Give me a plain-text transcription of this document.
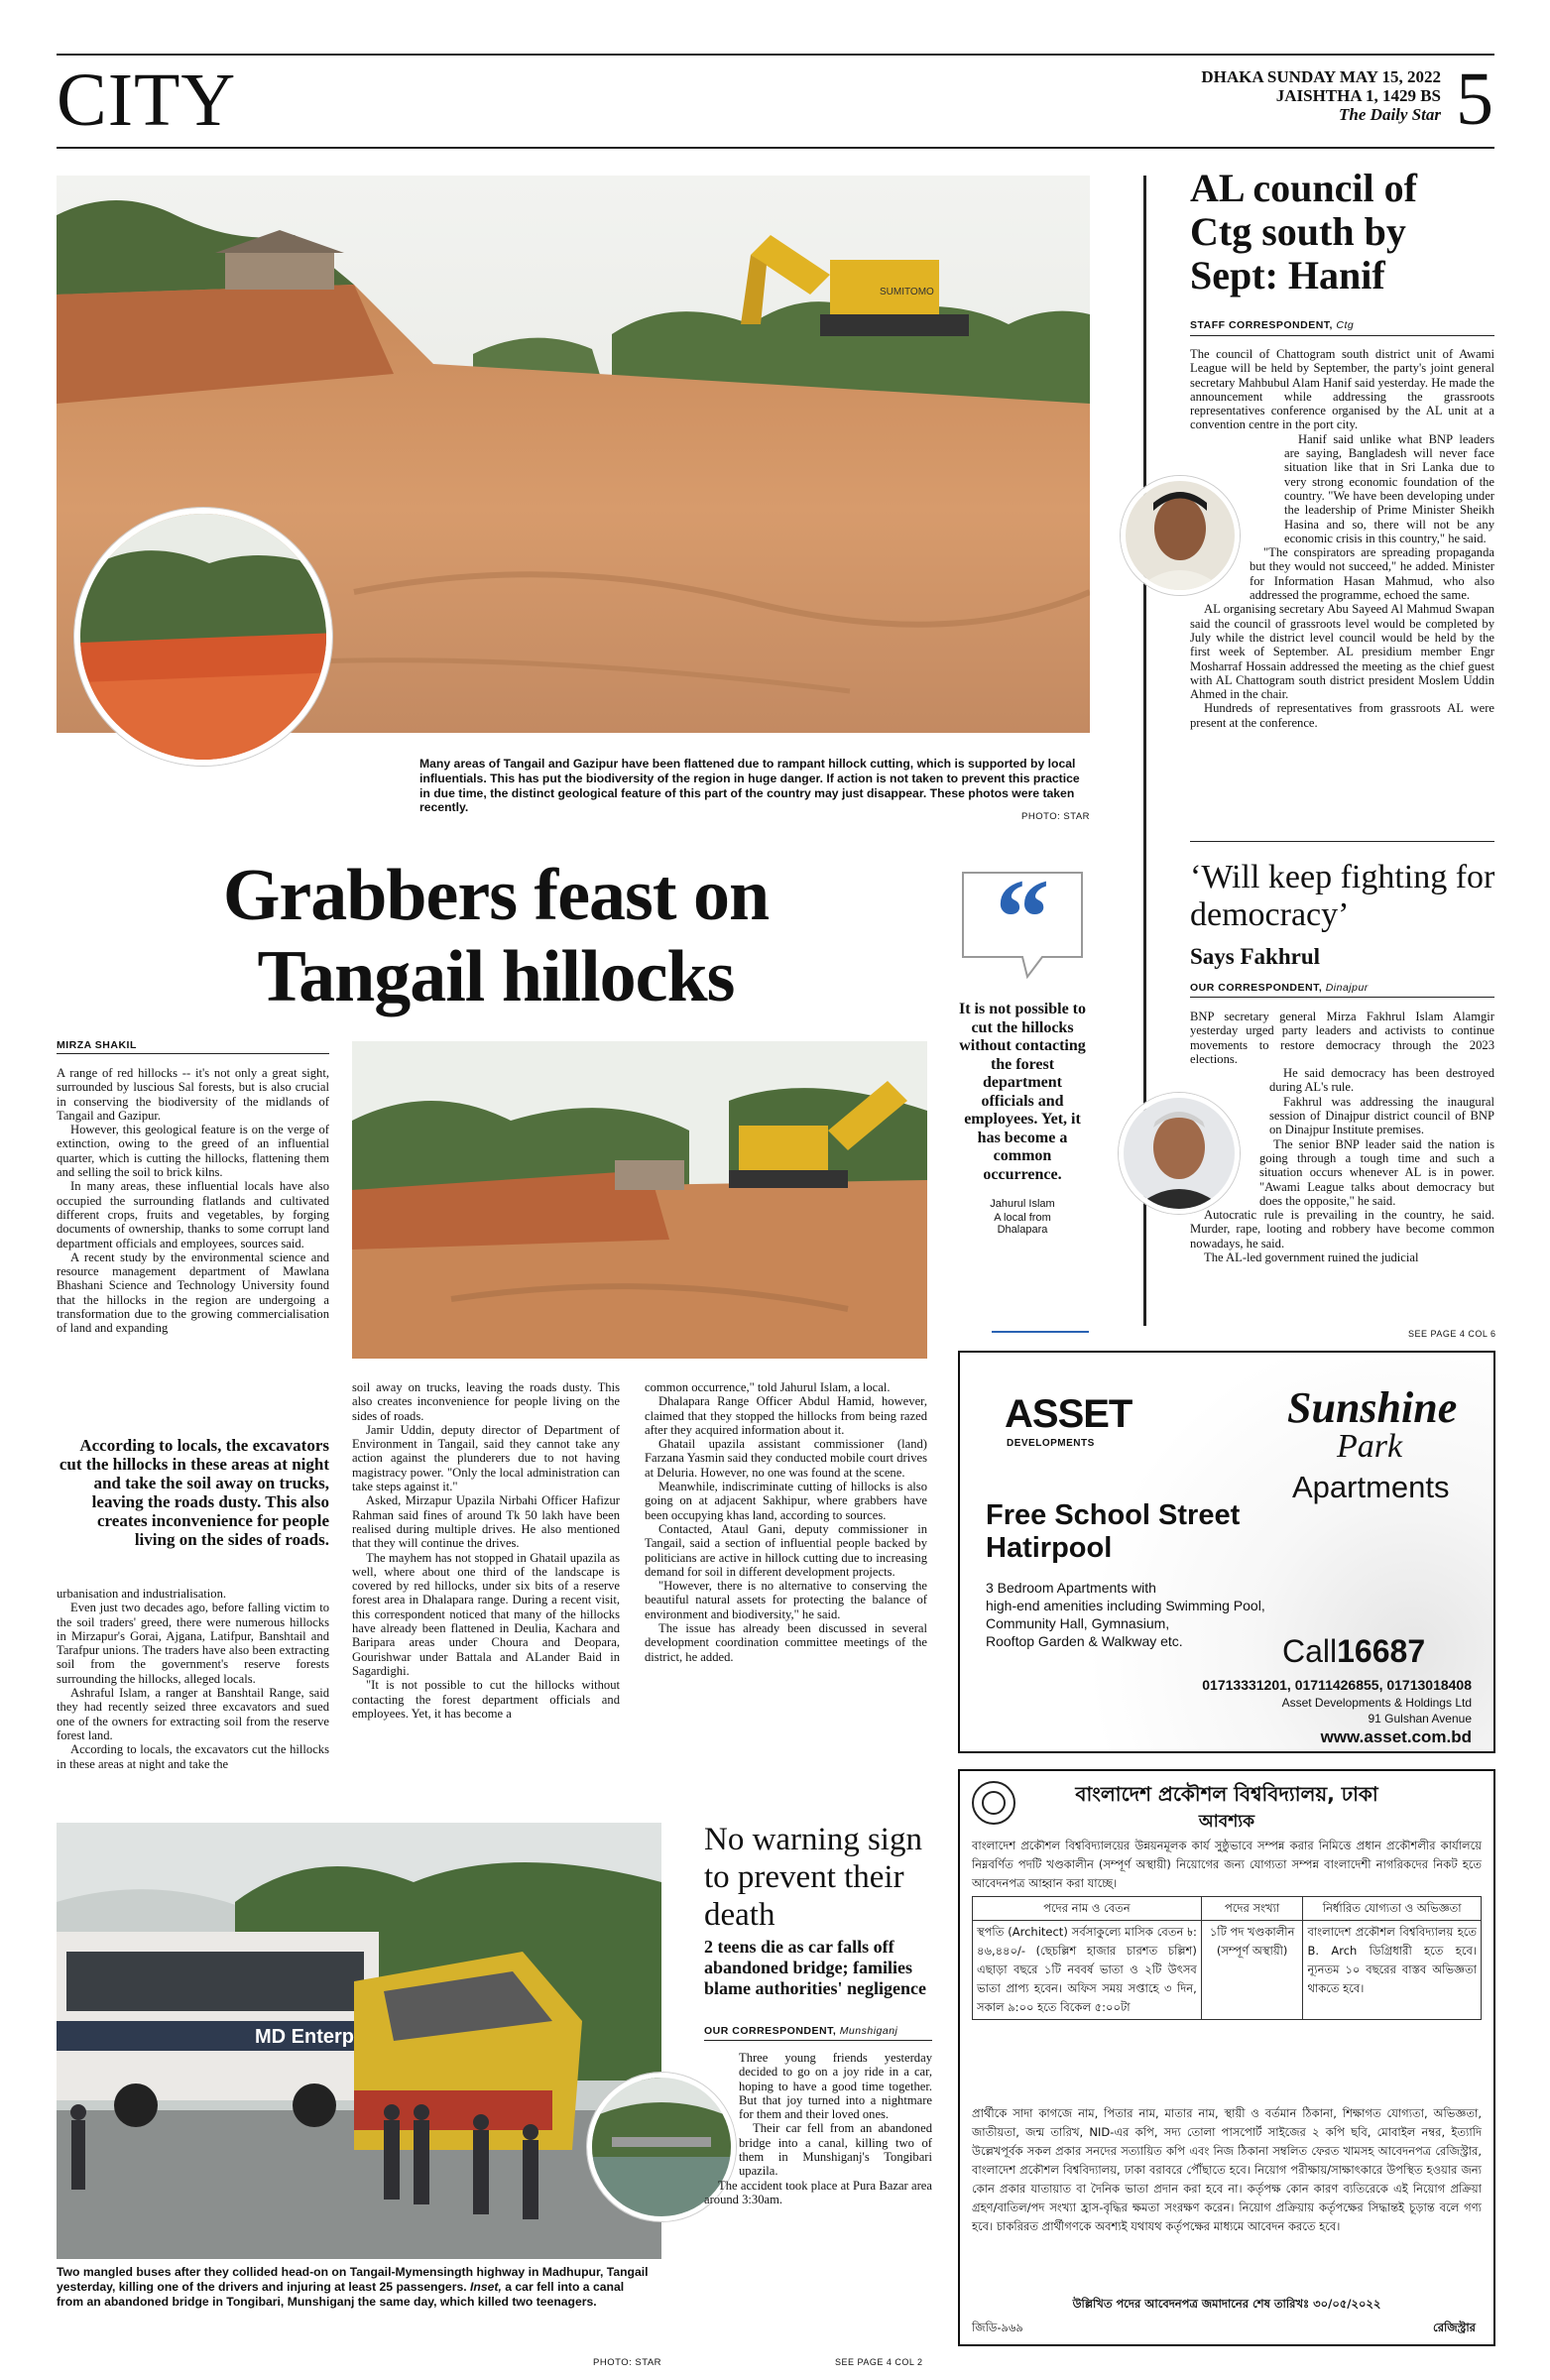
CITY	DHAKA SUNDAY MAY 15, 2022
JAISHTHA 1, 1429 BS
The Daily Star 5
SUMITOMO
Many areas of Tangail and Gazipur have been flattened due to rampant hillock cutting, which is supported by local influentials. This has put the biodiversity of the region in huge danger. If action is not taken to prevent this practice in due time, the distinct geological feature of this part of the country may just disappear. These photos were taken recently.
PHOTO: STAR
Grabbers feast on
Tangail hillocks
MIRZA SHAKIL

A range of red hillocks -- it's not only a great sight, surrounded by luscious Sal forests, but is also crucial in conserving the biodiversity of the midlands of Tangail and Gazipur.

However, this geological feature is on the verge of extinction, owing to the greed of an influential quarter, which is cutting the hillocks, flattening them and selling the soil to brick kilns.

In many areas, these influential locals have also occupied the surrounding flatlands and cultivated different crops, fruits and vegetables, by forging documents of ownership, thanks to some corrupt land department officials and employees, sources said.

A recent study by the environmental science and resource management department of Mawlana Bhashani Science and Technology University found that the hillocks in the region are undergoing a transformation due to the growing commercialisation of land and expanding

According to locals, the excavators cut the hillocks in these areas at night and take the soil away on trucks, leaving the roads dusty. This also creates inconvenience for people living on the sides of roads.

urbanisation and industrialisation.

Even just two decades ago, before falling victim to the soil traders' greed, there were numerous hillocks in Mirzapur's Gorai, Ajgana, Latifpur, Banshtail and Tarafpur unions. The traders have also been extracting soil from the government's reserve forests surrounding the hillocks, alleged locals.

Ashraful Islam, a ranger at Banshtail Range, said they had recently seized three excavators and sued one of the owners for extracting soil from the reserve forest land.

According to locals, the excavators cut the hillocks in these areas at night and take the

soil away on trucks, leaving the roads dusty. This also creates inconvenience for people living on the sides of roads.

Jamir Uddin, deputy director of Department of Environment in Tangail, said they cannot take any action against the plunderers due to not having magistracy power. "Only the local administration can take steps against it."

Asked, Mirzapur Upazila Nirbahi Officer Hafizur Rahman said fines of around Tk 50 lakh have been realised during multiple drives. He also mentioned that they will continue the drives.

The mayhem has not stopped in Ghatail upazila as well, where about one third of the landscape is covered by red hillocks, under six bits of a reserve forest area in Dhalapara range. During a recent visit, this correspondent noticed that many of the hillocks have already been flattened in Deulia, Kachara and Baripara areas under Choura and Deopara, Gourishwar under Battala and ALander Baid in Sagardighi.

"It is not possible to cut the hillocks without contacting the forest department officials and employees. Yet, it has become a

common occurrence," told Jahurul Islam, a local.

Dhalapara Range Officer Abdul Hamid, however, claimed that they stopped the hillocks from being razed after they acquired information about it.

Ghatail upazila assistant commissioner (land) Farzana Yasmin said they conducted mobile court drives at Deluria. However, no one was found at the scene.

Meanwhile, indiscriminate cutting of hillocks is also going on at adjacent Sakhipur, where grabbers have been occupying khas land, according to sources.

Contacted, Ataul Gani, deputy commissioner in Tangail, said a section of influential people backed by politicians are active in hillock cutting due to increasing demand for soil in different development projects.

"However, there is no alternative to conserving the beautiful natural assets for protecting the balance of environment and biodiversity," he said.

The issue has already been discussed in several development coordination committee meetings of the district, he added.

“
It is not possible to cut the hillocks without contacting the forest department officials and employees. Yet, it has become a common occurrence.
Jahurul Islam
A local from Dhalapara
AL council of Ctg south by Sept: Hanif
STAFF CORRESPONDENT, Ctg

The council of Chattogram south district unit of Awami League will be held by September, the party's joint general secretary Mahbubul Alam Hanif said yesterday. He made the announcement while addressing the grassroots representatives conference organised by the AL unit at a convention centre in the port city.

Hanif said unlike what BNP leaders are saying, Bangladesh will never face situation like that in Sri Lanka due to very strong economic foundation of the country. "We have been developing under the leadership of Prime Minister Sheikh Hasina and so, there will not be any economic crisis in this country," he said.

"The conspirators are spreading propaganda but they would not succeed," he added. Minister for Information Hasan Mahmud, who also addressed the programme, echoed the same.

AL organising secretary Abu Sayeed Al Mahmud Swapan said the council of grassroots level would be completed by July while the district level council would be held by the first week of September. AL presidium member Engr Mosharraf Hossain addressed the meeting as the chief guest with AL Chattogram south district president Moslem Uddin Ahmed in the chair.

Hundreds of representatives from grassroots AL were present at the conference.

‘Will keep fighting for democracy’
Says Fakhrul
OUR CORRESPONDENT, Dinajpur

BNP secretary general Mirza Fakhrul Islam Alamgir yesterday urged party leaders and activists to continue movements to restore democracy through the 2023 elections.

He said democracy has been destroyed during AL's rule.

Fakhrul was addressing the inaugural session of Dinajpur district council of BNP on Dinajpur Institute premises.

The senior BNP leader said the nation is going through a tough time and such a situation occurs whenever AL is in power. "Awami League talks about democracy but does the opposite," he said.

Autocratic rule is prevailing in the country, he said. Murder, rape, looting and robbery have become common nowadays, he said.

The AL-led government ruined the judicial

SEE PAGE 4 COL 6
MD Enterp
Two mangled buses after they collided head-on on Tangail-Mymensingth highway in Madhupur, Tangail yesterday, killing one of the drivers and injuring at least 25 passengers. Inset, a car fell into a canal from an abandoned bridge in Tongibari, Munshiganj the same day, which killed two teenagers.
PHOTO: STAR
No warning sign to prevent their death
2 teens die as car falls off abandoned bridge; families blame authorities' negligence
OUR CORRESPONDENT, Munshiganj

Three young friends yesterday decided to go on a joy ride in a car, hoping to have a good time together. But that joy turned into a nightmare for them and their loved ones.

Their car fell from an abandoned bridge into a canal, killing two of them in Munshiganj's Tongibari upazila.

The accident took place at Pura Bazar area around 3:30am.

SEE PAGE 4 COL 2
ASSET
DEVELOPMENTS
Sunshine
Park
Apartments
Free School Street
Hatirpool
3 Bedroom Apartments with
high-end amenities including Swimming Pool,
Community Hall, Gymnasium,
Rooftop Garden & Walkway etc.	Call16687
01713331201, 01711426855, 01713018408
Asset Developments & Holdings Ltd
91 Gulshan Avenue
www.asset.com.bd
বাংলাদেশ প্রকৌশল বিশ্ববিদ্যালয়, ঢাকা
আবশ্যক
বাংলাদেশ প্রকৌশল বিশ্ববিদ্যালয়ের উন্নয়নমূলক কার্য সুষ্ঠুভাবে সম্পন্ন করার নিমিত্তে প্রধান প্রকৌশলীর কার্যালয়ে নিম্নবর্ণিত পদটি খণ্ডকালীন (সম্পূর্ণ অস্থায়ী) নিয়োগের জন্য যোগ্যতা সম্পন্ন বাংলাদেশী নাগরিকদের নিকট হতে আবেদনপত্র আহ্বান করা যাচ্ছে।
পদের নাম ও বেতন	পদের সংখ্যা	নির্ধারিত যোগ্যতা ও অভিজ্ঞতা
স্থপতি (Architect) সর্বসাকুল্যে মাসিক বেতন ৳: ৪৬,৪৪০/- (ছেচল্লিশ হাজার চারশত চল্লিশ) এছাড়া বছরে ১টি নববর্ষ ভাতা ও ২টি উৎসব ভাতা প্রাপ্য হবেন। অফিস সময় সপ্তাহে ৩ দিন, সকাল ৯:০০ হতে বিকেল ৫:০০টা	১টি পদ খণ্ডকালীন (সম্পূর্ণ অস্থায়ী)	বাংলাদেশ প্রকৌশল বিশ্ববিদ্যালয় হতে B. Arch ডিগ্রিধারী হতে হবে। ন্যূনতম ১০ বছরের বাস্তব অভিজ্ঞতা থাকতে হবে।
প্রার্থীকে সাদা কাগজে নাম, পিতার নাম, মাতার নাম, স্থায়ী ও বর্তমান ঠিকানা, শিক্ষাগত যোগ্যতা, অভিজ্ঞতা, জাতীয়তা, জন্ম তারিখ, NID-এর কপি, সদ্য তোলা পাসপোর্ট সাইজের ২ কপি ছবি, মোবাইল নম্বর, ইত্যাদি উল্লেখপূর্বক সকল প্রকার সনদের সত্যায়িত কপি এবং নিজ ঠিকানা সম্বলিত ফেরত খামসহ আবেদনপত্র রেজিস্ট্রার, বাংলাদেশ প্রকৌশল বিশ্ববিদ্যালয়, ঢাকা বরাবরে পৌঁছাতে হবে। নিয়োগ পরীক্ষায়/সাক্ষাৎকারে উপস্থিত হওয়ার জন্য কোন প্রকার যাতায়াত বা দৈনিক ভাতা প্রদান করা হবে না। কর্তৃপক্ষ কোন কারণ ব্যতিরেকে এই নিয়োগ প্রক্রিয়া গ্রহণ/বাতিল/পদ সংখ্যা হ্রাস-বৃদ্ধির ক্ষমতা সংরক্ষণ করেন। নিয়োগ প্রক্রিয়ায় কর্তৃপক্ষের সিদ্ধান্তই চূড়ান্ত বলে গণ্য হবে। চাকরিরত প্রার্থীগণকে অবশ্যই যথাযথ কর্তৃপক্ষের মাধ্যমে আবেদন করতে হবে।
উল্লিখিত পদের আবেদনপত্র জমাদানের শেষ তারিখঃ ৩০/০৫/২০২২
জিডি-৯৬৯	রেজিস্ট্রার
